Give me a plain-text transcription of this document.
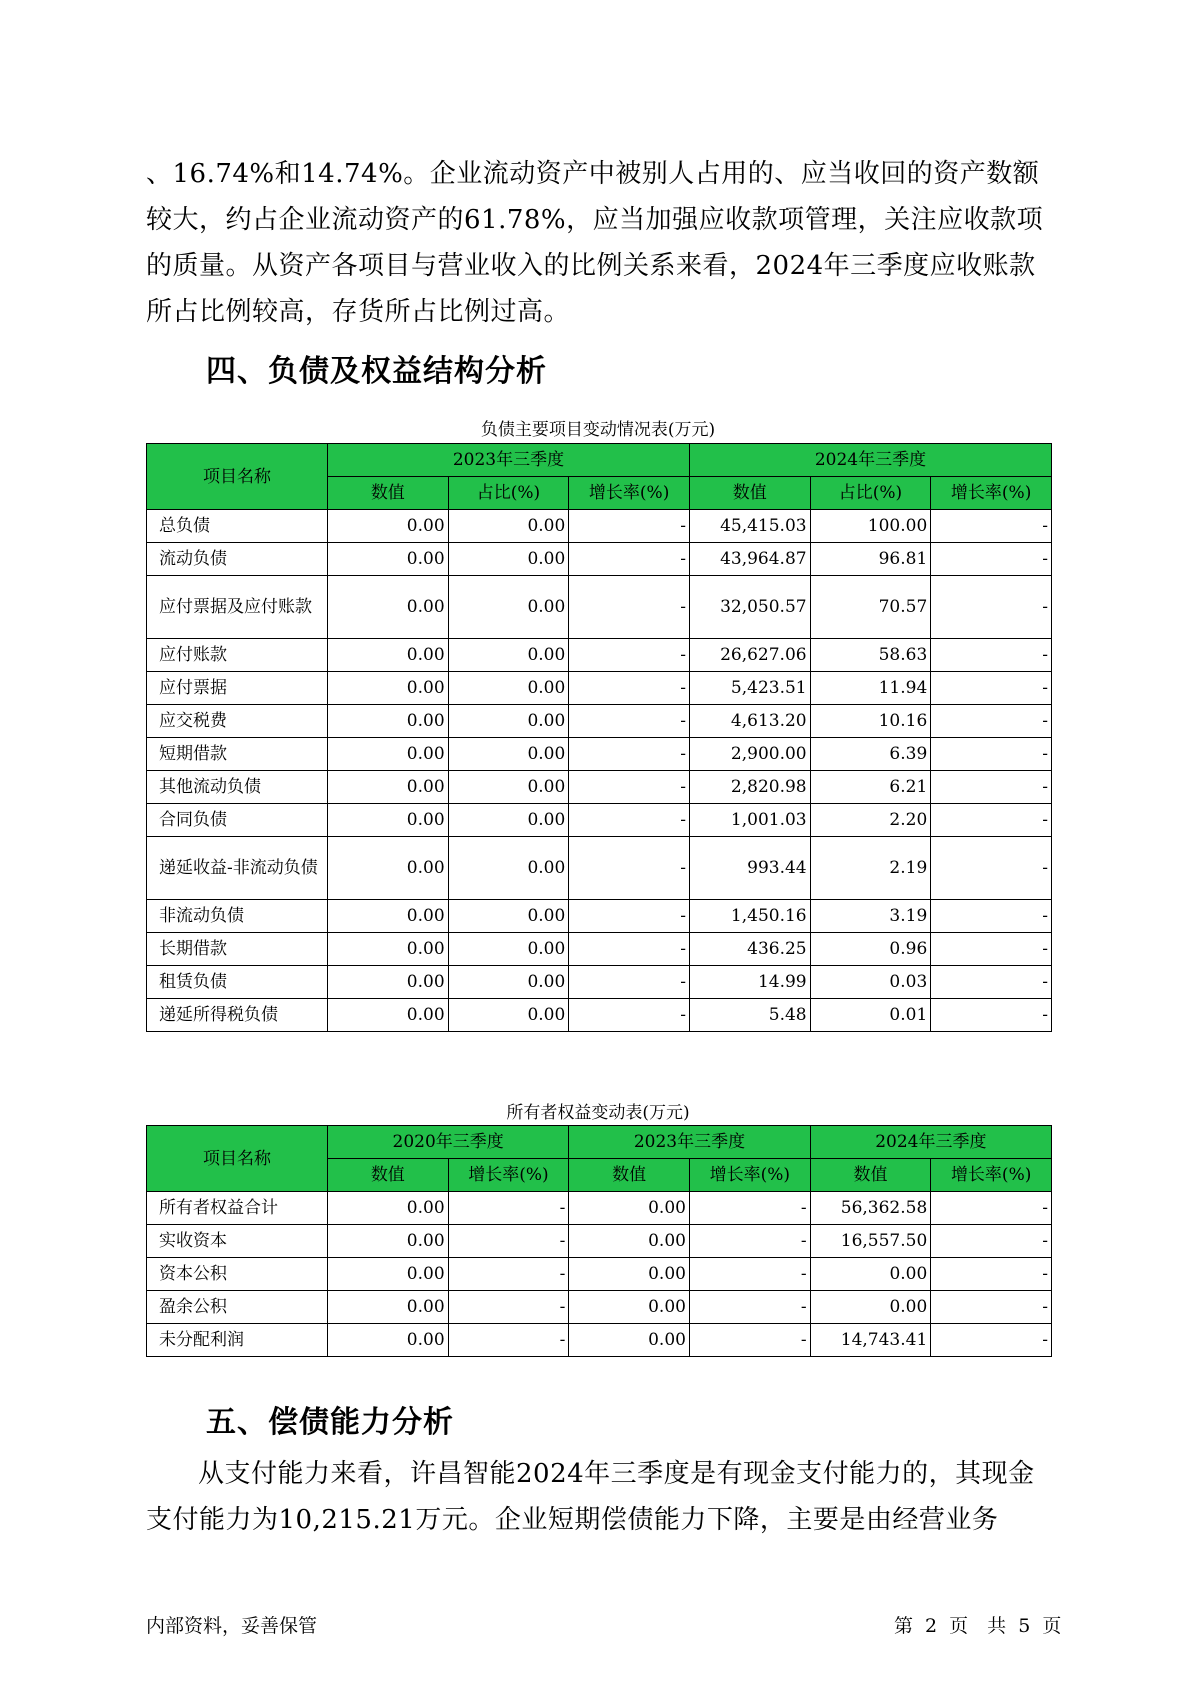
、16.74%和14.74%。企业流动资产中被别人占用的、应当收回的资产数额较大，约占企业流动资产的61.78%，应当加强应收款项管理，关注应收款项的质量。从资产各项目与营业收入的比例关系来看，2024年三季度应收账款所占比例较高，存货所占比例过高。
四、负债及权益结构分析
负债主要项目变动情况表(万元)
项目名称	2023年三季度			2024年三季度		
	数值	占比(%)	增长率(%)	数值	占比(%)	增长率(%)
总负债	0.00	0.00	-	45,415.03	100.00	-
流动负债	0.00	0.00	-	43,964.87	96.81	-
应付票据及应付账款	0.00	0.00	-	32,050.57	70.57	-
应付账款	0.00	0.00	-	26,627.06	58.63	-
应付票据	0.00	0.00	-	5,423.51	11.94	-
应交税费	0.00	0.00	-	4,613.20	10.16	-
短期借款	0.00	0.00	-	2,900.00	6.39	-
其他流动负债	0.00	0.00	-	2,820.98	6.21	-
合同负债	0.00	0.00	-	1,001.03	2.20	-
递延收益-非流动负债	0.00	0.00	-	993.44	2.19	-
非流动负债	0.00	0.00	-	1,450.16	3.19	-
长期借款	0.00	0.00	-	436.25	0.96	-
租赁负债	0.00	0.00	-	14.99	0.03	-
递延所得税负债	0.00	0.00	-	5.48	0.01	-
所有者权益变动表(万元)
项目名称	2020年三季度		2023年三季度		2024年三季度	
	数值	增长率(%)	数值	增长率(%)	数值	增长率(%)
所有者权益合计	0.00	-	0.00	-	56,362.58	-
实收资本	0.00	-	0.00	-	16,557.50	-
资本公积	0.00	-	0.00	-	0.00	-
盈余公积	0.00	-	0.00	-	0.00	-
未分配利润	0.00	-	0.00	-	14,743.41	-
五、偿债能力分析
从支付能力来看，许昌智能2024年三季度是有现金支付能力的，其现金支付能力为10,215.21万元。企业短期偿债能力下降，主要是由经营业务
内部资料，妥善保管	第 2 页　共 5 页
